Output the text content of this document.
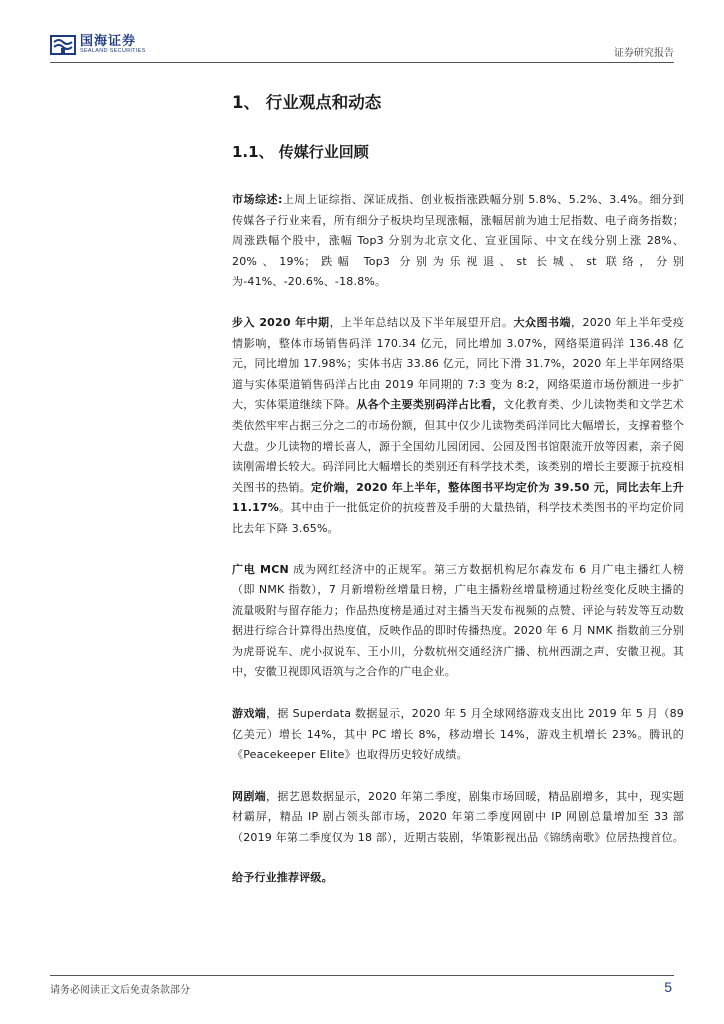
国海证券
SEALAND SECURITIES	证券研究报告
1、 行业观点和动态
1.1、 传媒行业回顾

市场综述:上周上证综指、深证成指、创业板指涨跌幅分别 5.8%、5.2%、3.4%。细分到传媒各子行业来看，所有细分子板块均呈现涨幅，涨幅居前为迪士尼指数、电子商务指数；周涨跌幅个股中，涨幅 Top3 分别为北京文化、宣亚国际、中文在线分别上涨 28%、20%、19%；跌幅 Top3 分别为乐视退、st 长城、st 联络，分别为-41%、-20.6%、-18.8%。

步入 2020 年中期，上半年总结以及下半年展望开启。大众图书端，2020 年上半年受疫情影响，整体市场销售码洋 170.34 亿元，同比增加 3.07%，网络渠道码洋 136.48 亿元，同比增加 17.98%；实体书店 33.86 亿元，同比下滑 31.7%，2020 年上半年网络渠道与实体渠道销售码洋占比由 2019 年同期的 7:3 变为 8:2，网络渠道市场份额进一步扩大，实体渠道继续下降。从各个主要类别码洋占比看，文化教育类、少儿读物类和文学艺术类依然牢牢占据三分之二的市场份额，但其中仅少儿读物类码洋同比大幅增长，支撑着整个大盘。少儿读物的增长喜人，源于全国幼儿园闭园、公园及图书馆限流开放等因素，亲子阅读刚需增长较大。码洋同比大幅增长的类别还有科学技术类，该类别的增长主要源于抗疫相关图书的热销。定价端，2020 年上半年，整体图书平均定价为 39.50 元，同比去年上升 11.17%。其中由于一批低定价的抗疫普及手册的大量热销，科学技术类图书的平均定价同比去年下降 3.65%。

广电 MCN 成为网红经济中的正规军。第三方数据机构尼尔森发布 6 月广电主播红人榜（即 NMK 指数），7 月新增粉丝增量日榜，广电主播粉丝增量榜通过粉丝变化反映主播的流量吸附与留存能力；作品热度榜是通过对主播当天发布视频的点赞、评论与转发等互动数据进行综合计算得出热度值，反映作品的即时传播热度。2020 年 6 月 NMK 指数前三分别为虎哥说车、虎小叔说车、王小川，分数杭州交通经济广播、杭州西湖之声、安徽卫视。其中，安徽卫视即风语筑与之合作的广电企业。

游戏端，据 Superdata 数据显示，2020 年 5 月全球网络游戏支出比 2019 年 5 月（89 亿美元）增长 14%，其中 PC 增长 8%，移动增长 14%，游戏主机增长 23%。腾讯的《Peacekeeper Elite》也取得历史较好成绩。

网剧端，据艺恩数据显示，2020 年第二季度，剧集市场回暖，精品剧增多，其中，现实题材霸屏，精品 IP 剧占领头部市场，2020 年第二季度网剧中 IP 网剧总量增加至 33 部（2019 年第二季度仅为 18 部），近期古装剧，华策影视出品《锦绣南歌》位居热搜首位。

给予行业推荐评级。

请务必阅读正文后免责条款部分	5
